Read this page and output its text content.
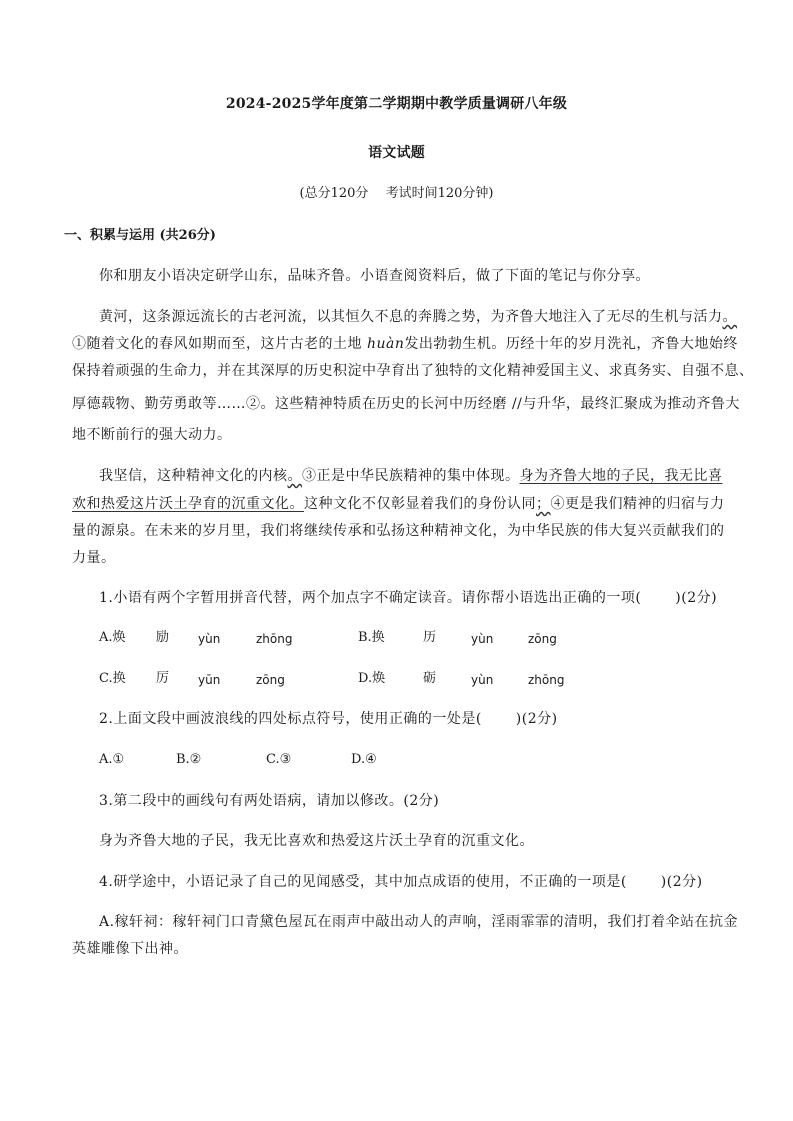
2024-2025学年度第二学期期中教学质量调研八年级
语文试题
(总分120分　 考试时间120分钟)
一、积累与运用 (共26分)
你和朋友小语决定研学山东，品味齐鲁。小语查阅资料后，做了下面的笔记与你分享。
黄河，这条源远流长的古老河流，以其恒久不息的奔腾之势，为齐鲁大地注入了无尽的生机与活力。
①随着文化的春风如期而至，这片古老的土地 huàn发出勃勃生机。历经十年的岁月洗礼，齐鲁大地始终
保持着顽强的生命力，并在其深厚的历史积淀中孕育出了独特的文化精神爱国主义、求真务实、自强不息、
厚德载物、勤劳勇敢等……②。这些精神特质在历史的长河中历经磨 //与升华，最终汇聚成为推动齐鲁大
地不断前行的强大动力。
我坚信，这种精神文化的内核。③正是中华民族精神的集中体现。身为齐鲁大地的子民，我无比喜
欢和热爱这片沃土孕育的沉重文化。这种文化不仅彰显着我们的身份认同；④更是我们精神的归宿与力
量的源泉。在未来的岁月里，我们将继续传承和弘扬这种精神文化，为中华民族的伟大复兴贡献我们的
力量。
1.小语有两个字暂用拼音代替，两个加点字不确定读音。请你帮小语选出正确的一项(　　 )(2分)
A.焕 励 yùn	zhōng	B.换	历	yùn	zōng
C.换 厉 yūn	zōng	D.焕	砺	yùn	zhōng
2.上面文段中画波浪线的四处标点符号，使用正确的一处是(　　 )(2分)
A.①	B.②	C.③	D.④
3.第二段中的画线句有两处语病，请加以修改。(2分)
身为齐鲁大地的子民，我无比喜欢和热爱这片沃土孕育的沉重文化。
4.研学途中，小语记录了自己的见闻感受，其中加点成语的使用，不正确的一项是(　　 )(2分)
A.稼轩祠：稼轩祠门口青黛色屋瓦在雨声中敲出动人的声响，淫雨霏霏的清明，我们打着伞站在抗金
英雄雕像下出神。
